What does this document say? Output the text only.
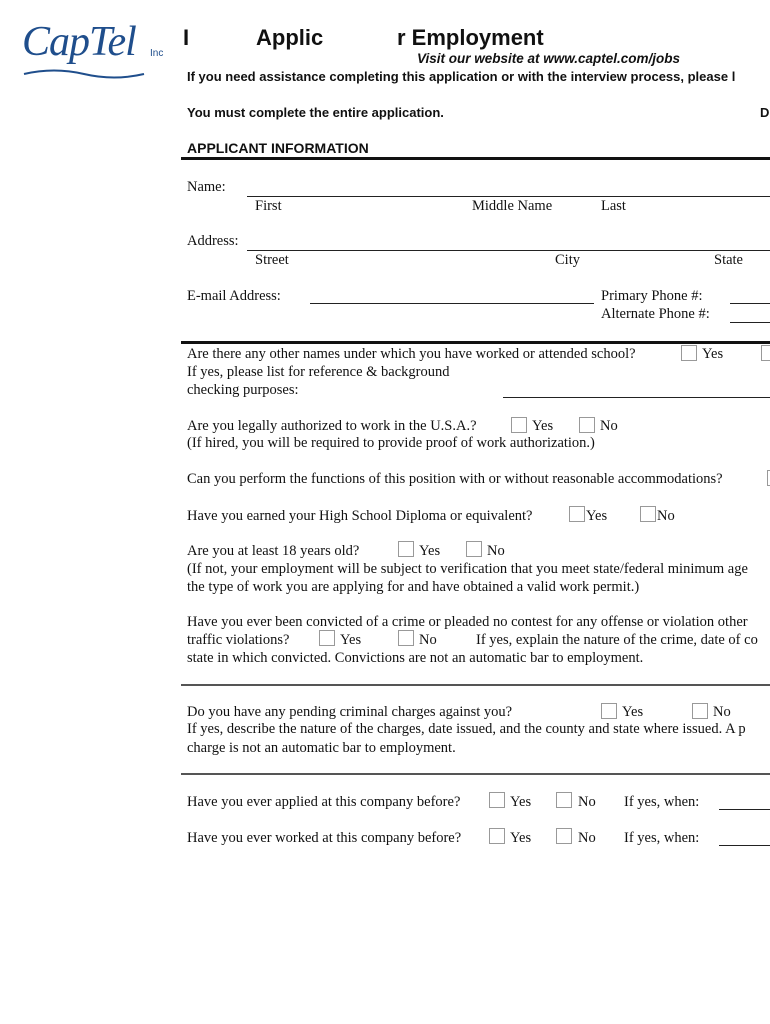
CapTel Inc
I	Applic	r Employment
Visit our website at www.captel.com/jobs
If you need assistance completing this application or with the interview process, please l
You must complete the entire application.	D
APPLICANT INFORMATION
Name:
First	Middle Name	Last
Address:
Street	City	State
E-mail Address:	Primary Phone #:
Alternate Phone #:
Are there any other names under which you have worked or attended school?	Yes
If yes, please list for reference & background
checking purposes:
Are you legally authorized to work in the U.S.A.?	Yes	No
(If hired, you will be required to provide proof of work authorization.)
Can you perform the functions of this position with or without reasonable accommodations?
Have you earned your High School Diploma or equivalent?	Yes	No
Are you at least 18 years old?	Yes	No
(If not, your employment will be subject to verification that you meet state/federal minimum age
the type of work you are applying for and have obtained a valid work permit.)
Have you ever been convicted of a crime or pleaded no contest for any offense or violation other
traffic violations?	Yes	No	If yes, explain the nature of the crime, date of co
state in which convicted. Convictions are not an automatic bar to employment.
Do you have any pending criminal charges against you?	Yes	No
If yes, describe the nature of the charges, date issued, and the county and state where issued. A p
charge is not an automatic bar to employment.
Have you ever applied at this company before?	Yes	No If yes, when:
Have you ever worked at this company before?	Yes	No If yes, when:
